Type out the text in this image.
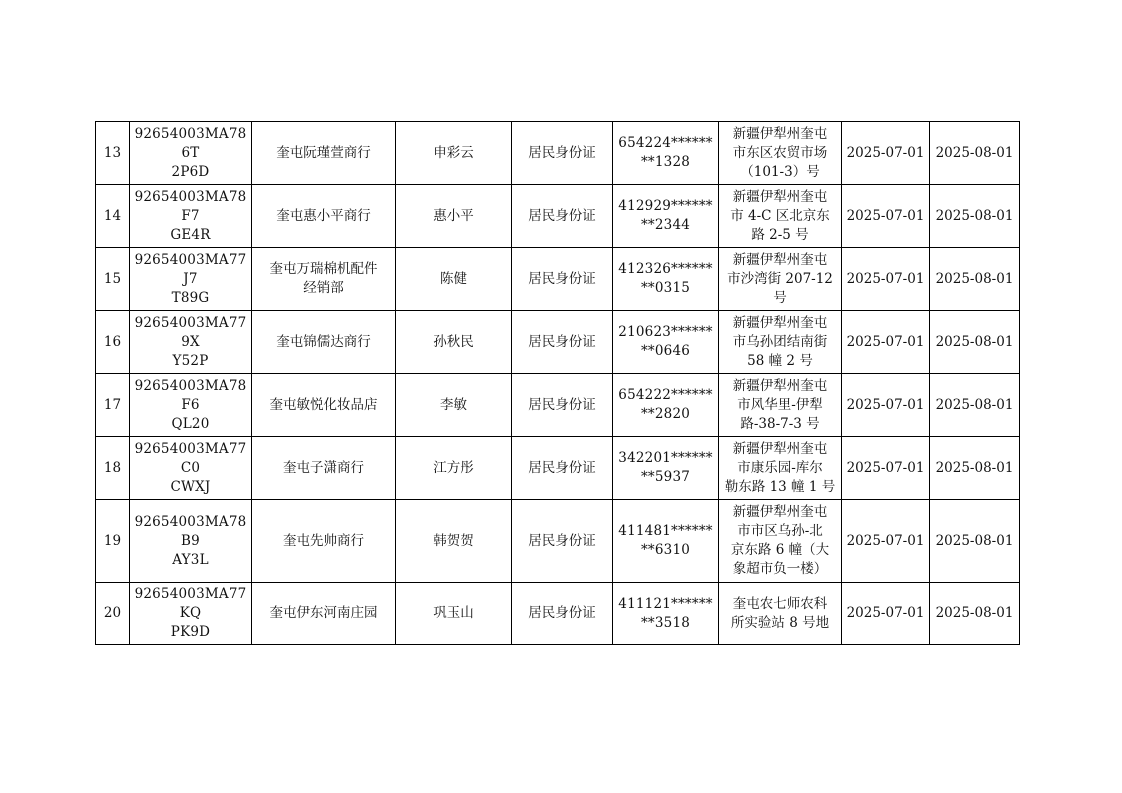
13	92654003MA786T
2P6D	奎屯阮瑾萱商行	申彩云	居民身份证	654224******
**1328	新疆伊犁州奎屯
市东区农贸市场
（101-3）号	2025-07-01	2025-08-01
14	92654003MA78F7
GE4R	奎屯惠小平商行	惠小平	居民身份证	412929******
**2344	新疆伊犁州奎屯
市 4-C 区北京东
路 2-5 号	2025-07-01	2025-08-01
15	92654003MA77J7
T89G	奎屯万瑞棉机配件
经销部	陈健	居民身份证	412326******
**0315	新疆伊犁州奎屯
市沙湾街 207-12
号	2025-07-01	2025-08-01
16	92654003MA779X
Y52P	奎屯锦儒达商行	孙秋民	居民身份证	210623******
**0646	新疆伊犁州奎屯
市乌孙团结南街
58 幢 2 号	2025-07-01	2025-08-01
17	92654003MA78F6
QL20	奎屯敏悦化妆品店	李敏	居民身份证	654222******
**2820	新疆伊犁州奎屯
市风华里-伊犁
路-38-7-3 号	2025-07-01	2025-08-01
18	92654003MA77C0
CWXJ	奎屯子潇商行	江方彤	居民身份证	342201******
**5937	新疆伊犁州奎屯
市康乐园-库尔
勒东路 13 幢 1 号	2025-07-01	2025-08-01
19	92654003MA78B9
AY3L	奎屯先帅商行	韩贺贺	居民身份证	411481******
**6310	新疆伊犁州奎屯
市市区乌孙-北
京东路 6 幢（大
象超市负一楼）	2025-07-01	2025-08-01
20	92654003MA77KQ
PK9D	奎屯伊东河南庄园	巩玉山	居民身份证	411121******
**3518	奎屯农七师农科
所实验站 8 号地	2025-07-01	2025-08-01
